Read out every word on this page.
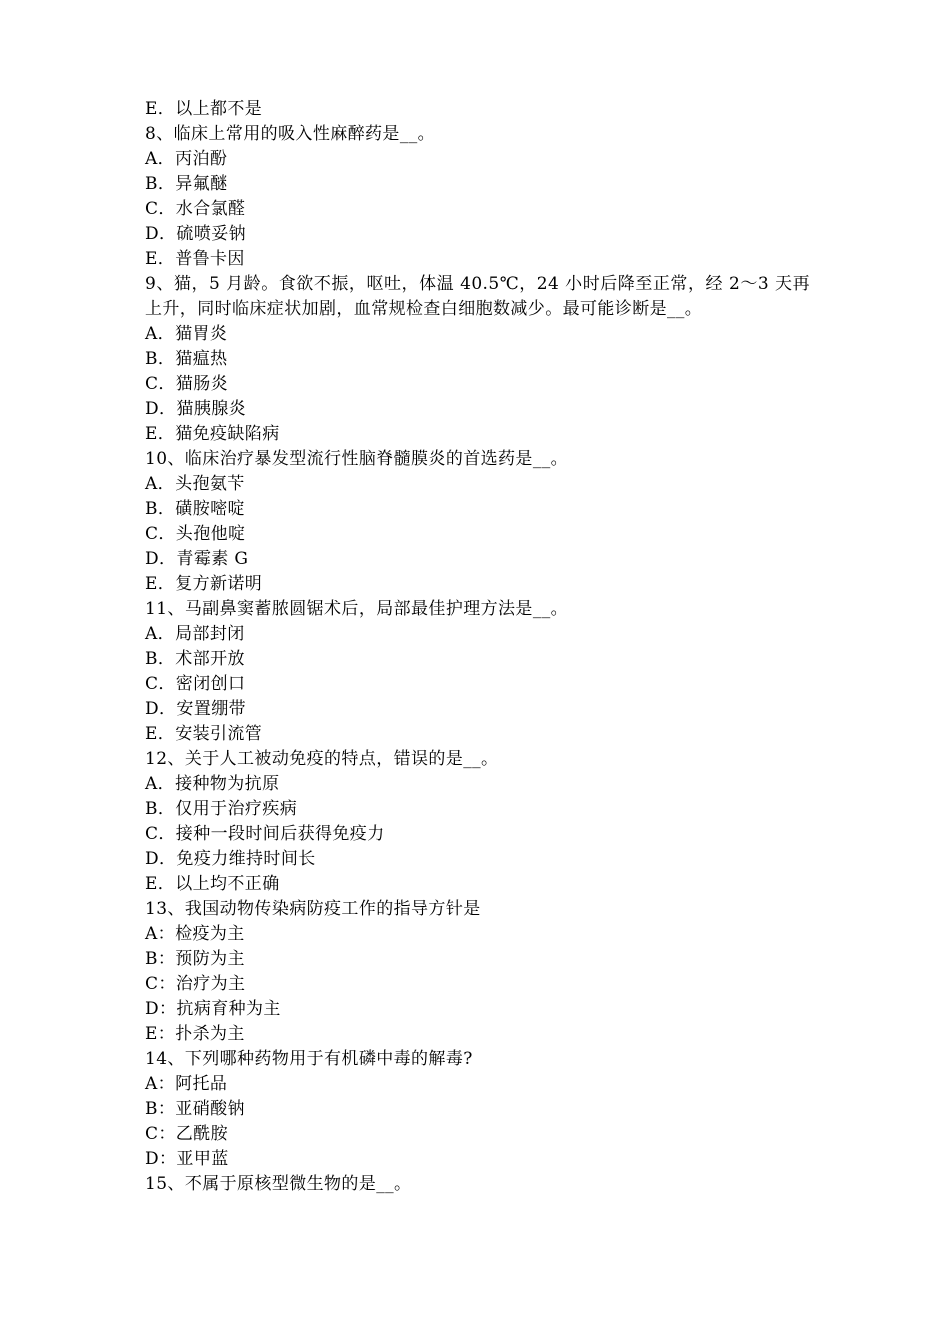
E．以上都不是
8、临床上常用的吸入性麻醉药是__。
A．丙泊酚
B．异氟醚
C．水合氯醛
D．硫喷妥钠
E．普鲁卡因
9、猫，5 月龄。食欲不振，呕吐，体温 40.5℃，24 小时后降至正常，经 2～3 天再上升，同时临床症状加剧，血常规检查白细胞数减少。最可能诊断是__。
A．猫胃炎
B．猫瘟热
C．猫肠炎
D．猫胰腺炎
E．猫免疫缺陷病
10、临床治疗暴发型流行性脑脊髓膜炎的首选药是__。
A．头孢氨苄
B．磺胺嘧啶
C．头孢他啶
D．青霉素 G
E．复方新诺明
11、马副鼻窦蓄脓圆锯术后，局部最佳护理方法是__。
A．局部封闭
B．术部开放
C．密闭创口
D．安置绷带
E．安装引流管
12、关于人工被动免疫的特点，错误的是__。
A．接种物为抗原
B．仅用于治疗疾病
C．接种一段时间后获得免疫力
D．免疫力维持时间长
E．以上均不正确
13、我国动物传染病防疫工作的指导方针是
A：检疫为主
B：预防为主
C：治疗为主
D：抗病育种为主
E：扑杀为主
14、下列哪种药物用于有机磷中毒的解毒?
A：阿托品
B：亚硝酸钠
C：乙酰胺
D：亚甲蓝
15、不属于原核型微生物的是__。
